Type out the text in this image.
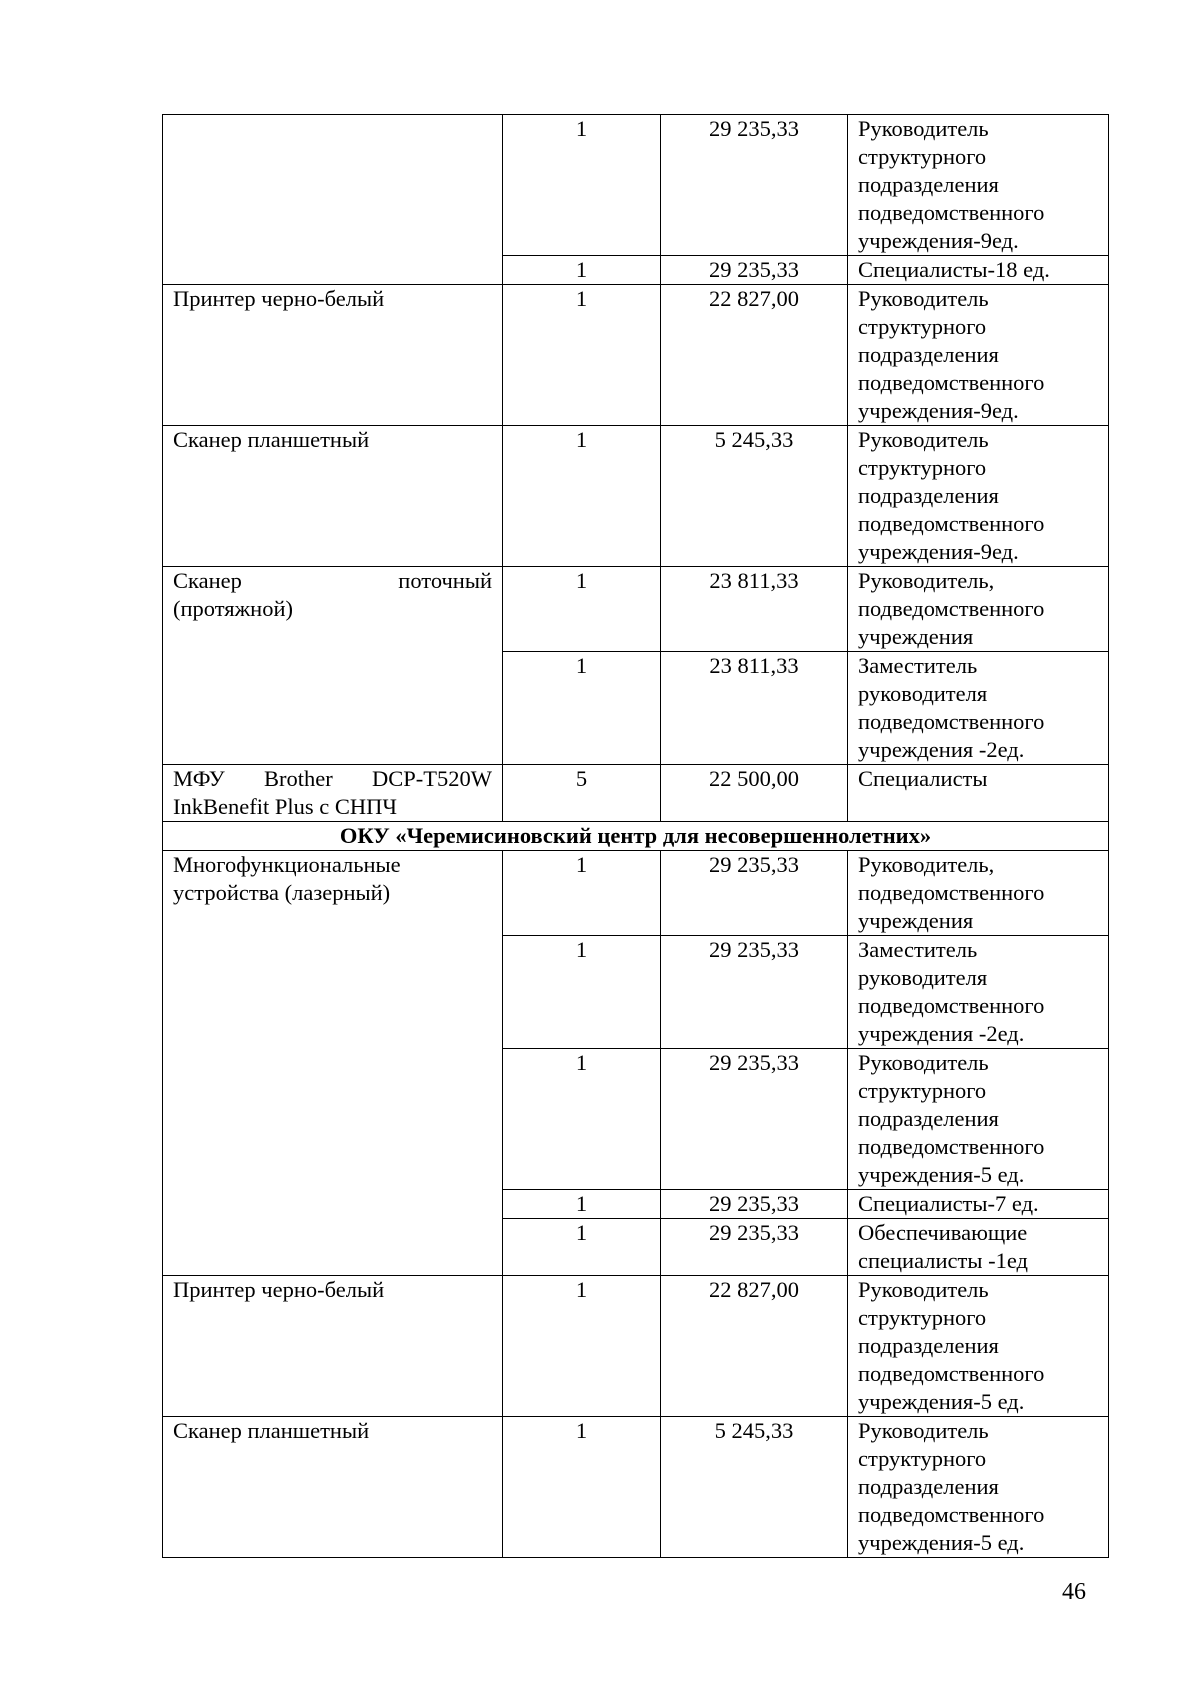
	1	29 235,33	Руководитель структурного подразделения подведомственного учреждения-9ед.
	1	29 235,33	Специалисты-18 ед.
Принтер черно-белый	1	22 827,00	Руководитель структурного подразделения подведомственного учреждения-9ед.
Сканер планшетный	1	5 245,33	Руководитель структурного подразделения подведомственного учреждения-9ед.

Сканер поточный
(протяжной)	1	23 811,33	Руководитель, подведомственного учреждения
	1	23 811,33	Заместитель руководителя подведомственного учреждения -2ед.

МФУ Brother DCP-T520W
InkBenefit Plus с СНПЧ	5	22 500,00	Специалисты
ОКУ «Черемисиновский центр для несовершеннолетних»			
Многофункциональные устройства (лазерный)	1	29 235,33	Руководитель, подведомственного учреждения
	1	29 235,33	Заместитель руководителя подведомственного учреждения -2ед.
	1	29 235,33	Руководитель структурного подразделения подведомственного учреждения-5 ед.
	1	29 235,33	Специалисты-7 ед.
	1	29 235,33	Обеспечивающие специалисты -1ед
Принтер черно-белый	1	22 827,00	Руководитель структурного подразделения подведомственного учреждения-5 ед.
Сканер планшетный	1	5 245,33	Руководитель структурного подразделения подведомственного учреждения-5 ед.
46
